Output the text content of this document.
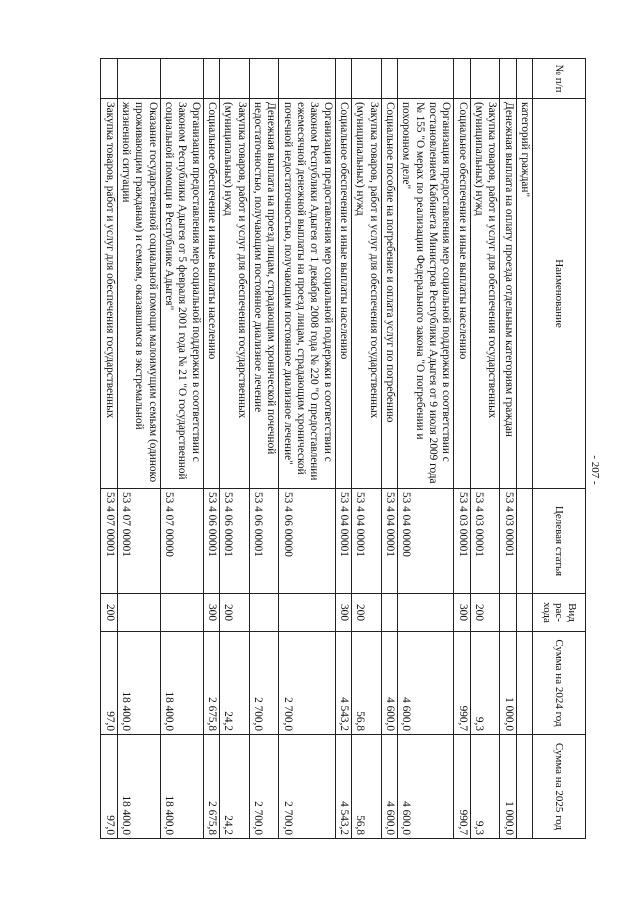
- 207 -
№ п/п	Наименование	Целевая статья	Вид рас-хода	Сумма на 2024 год	Сумма на 2025 год
	категорий граждан"				
	Денежная выплата на оплату проезда отдельным категориям граждан	53 4 03 00001		1 000,0	1 000,0
	Закупка товаров, работ и услуг для обеспечения государственных (муниципальных) нужд	53 4 03 00001	200	9,3	9,3
	Социальное обеспечение и иные выплаты населению	53 4 03 00001	300	990,7	990,7
	Организация предоставления мер социальной поддержки в соответствии с постановлением Кабинета Министров Республики Адыгея от 9 июля 2009 года № 155 "О мерах по реализации Федерального закона "О погребении и похоронном деле"	53 4 04 00000		4 600,0	4 600,0
	Социальное пособие на погребение и оплата услуг по погребению	53 4 04 00001		4 600,0	4 600,0
	Закупка товаров, работ и услуг для обеспечения государственных (муниципальных) нужд	53 4 04 00001	200	56,8	56,8
	Социальное обеспечение и иные выплаты населению	53 4 04 00001	300	4 543,2	4 543,2
	Организация предоставления мер социальной поддержки в соответствии с Законом Республики Адыгея от 1 декабря 2008 года № 220 "О предоставлении ежемесячной денежной выплаты на проезд лицам, страдающим хронической почечной недостаточностью, получающим постоянное диализное лечение"	53 4 06 00000		2 700,0	2 700,0
	Денежная выплата на проезд лицам, страдающим хронической почечной недостаточностью, получающим постоянное диализное лечение	53 4 06 00001		2 700,0	2 700,0
	Закупка товаров, работ и услуг для обеспечения государственных (муниципальных) нужд	53 4 06 00001	200	24,2	24,2
	Социальное обеспечение и иные выплаты населению	53 4 06 00001	300	2 675,8	2 675,8
	Организация предоставления мер социальной поддержки в соответствии с Законом Республики Адыгея от 5 февраля 2001 года № 21 "О государственной социальной помощи в Республике Адыгея"	53 4 07 00000		18 400,0	18 400,0
	Оказание государственной социальной помощи малоимущим семьям (одиноко проживающим гражданам) и семьям, оказавшимся в экстремальной жизненной ситуации	53 4 07 00001		18 400,0	18 400,0
	Закупка товаров, работ и услуг для обеспечения государственных	53 4 07 00001	200	97,0	97,0
